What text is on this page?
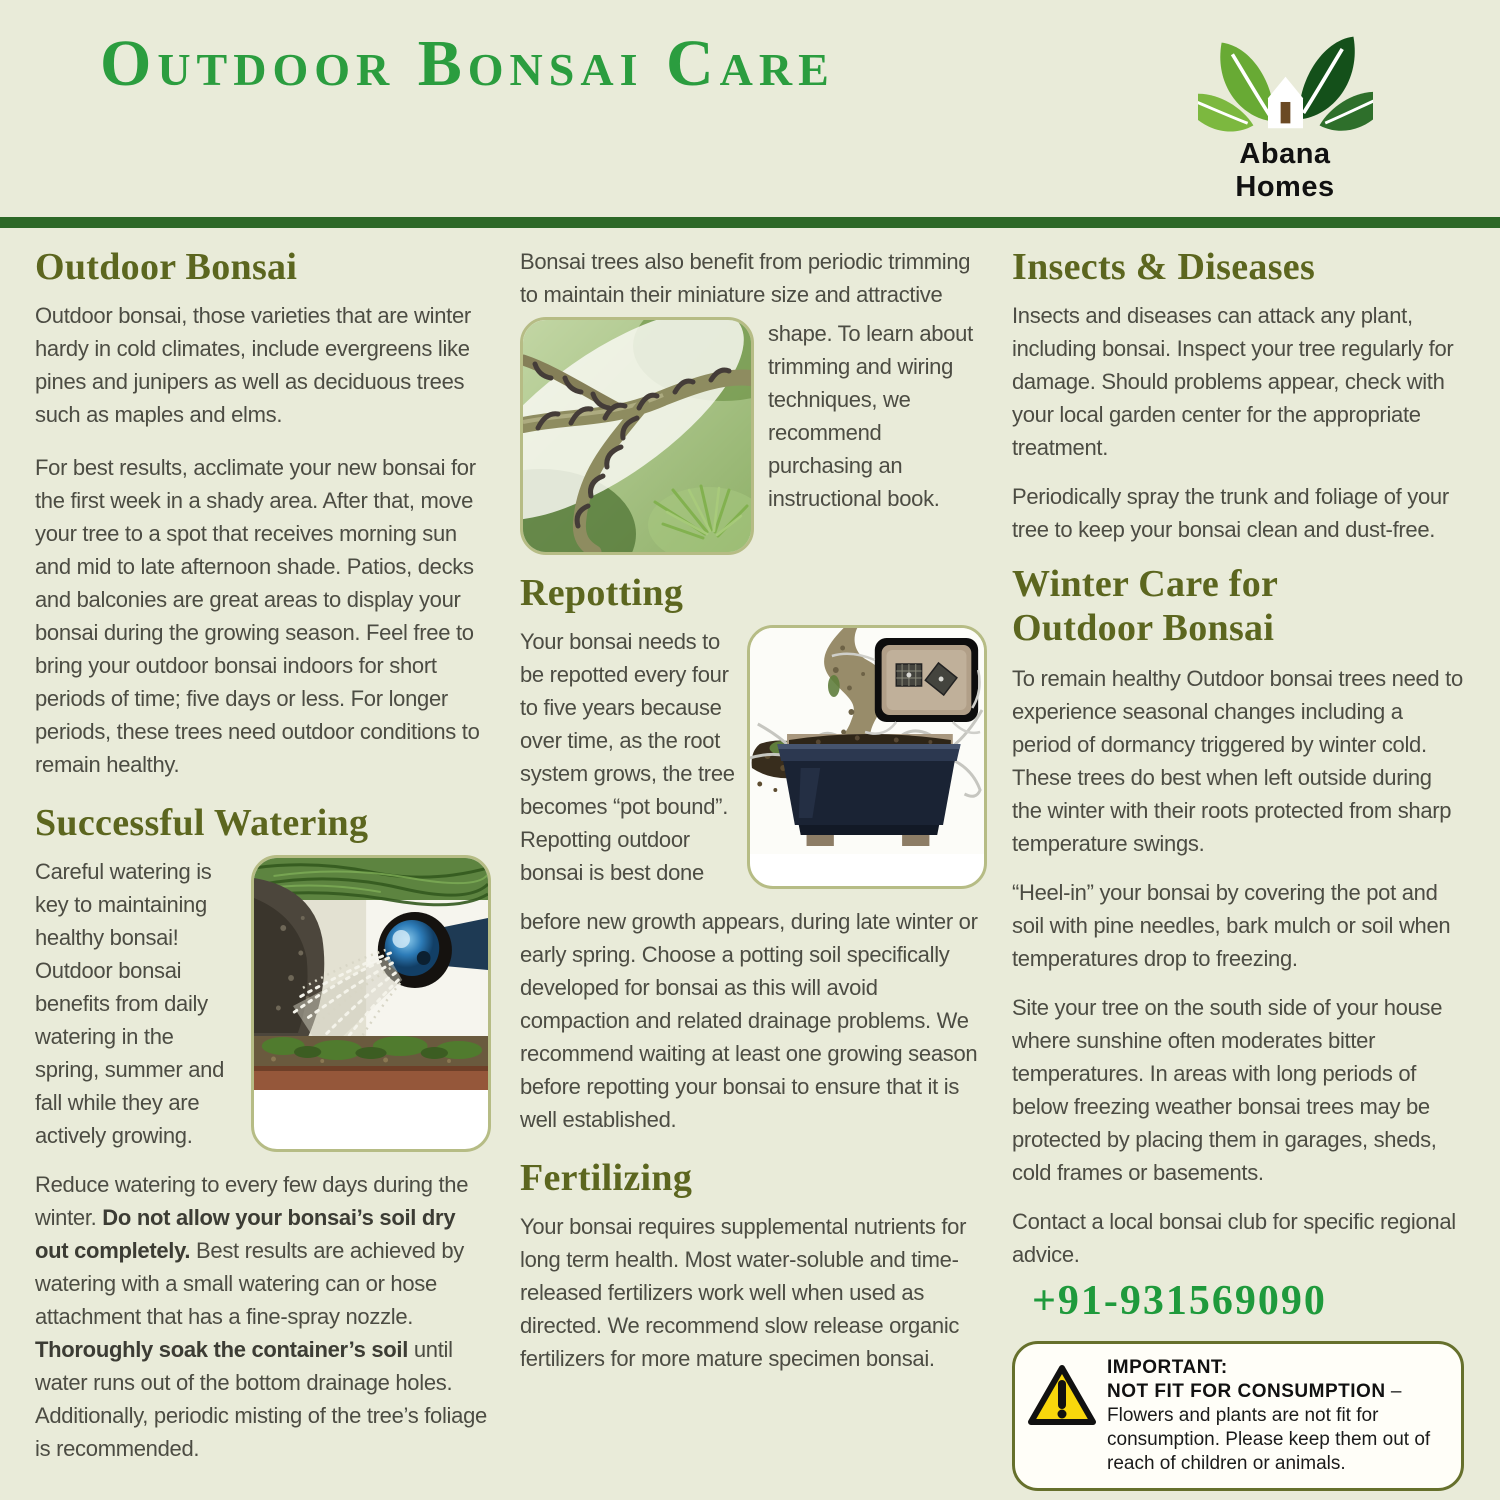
Outdoor Bonsai Care
Abana Homes
Outdoor Bonsai

Outdoor bonsai, those varieties that are winter hardy in cold climates, include evergreens like pines and junipers as well as deciduous trees such as maples and elms.

For best results, acclimate your new bonsai for the first week in a shady area. After that, move your tree to a spot that receives morning sun and mid to late afternoon shade. Patios, decks and balconies are great areas to display your bonsai during the growing season. Feel free to bring your outdoor bonsai indoors for short periods of time; five days or less. For longer periods, these trees need outdoor conditions to remain healthy.

Successful Watering
Careful watering is key to maintaining healthy bonsai! Outdoor bonsai benefits from daily watering in the spring, summer and fall while they are actively growing.

Reduce watering to every few days during the winter. Do not allow your bonsai’s soil dry out completely. Best results are achieved by watering with a small watering can or hose attachment that has a fine-spray nozzle. Thoroughly soak the container’s soil until water runs out of the bottom drainage holes. Additionally, periodic misting of the tree’s foliage is recommended.

Bonsai trees also benefit from periodic trimming to maintain their miniature size and attractive

shape. To learn about trimming and wiring techniques, we recommend purchasing an instructional book.
Repotting
Your bonsai needs to be repotted every four to five years because over time, as the root system grows, the tree becomes “pot bound”. Repotting outdoor bonsai is best done

before new growth appears, during late winter or early spring. Choose a potting soil specifically developed for bonsai as this will avoid compaction and related drainage problems. We recommend waiting at least one growing season before repotting your bonsai to ensure that it is well established.

Fertilizing

Your bonsai requires supplemental nutrients for long term health. Most water-soluble and time-released fertilizers work well when used as directed. We recommend slow release organic fertilizers for more mature specimen bonsai.

Insects & Diseases

Insects and diseases can attack any plant, including bonsai. Inspect your tree regularly for damage. Should problems appear, check with your local garden center for the appropriate treatment.

Periodically spray the trunk and foliage of your tree to keep your bonsai clean and dust-free.

Winter Care for
Outdoor Bonsai

To remain healthy Outdoor bonsai trees need to experience seasonal changes including a period of dormancy triggered by winter cold. These trees do best when left outside during the winter with their roots protected from sharp temperature swings.

“Heel-in” your bonsai by covering the pot and soil with pine needles, bark mulch or soil when temperatures drop to freezing.

Site your tree on the south side of your house where sunshine often moderates bitter temperatures. In areas with long periods of below freezing weather bonsai trees may be protected by placing them in garages, sheds, cold frames or basements.

Contact a local bonsai club for specific regional advice.

+91-931569090
IMPORTANT:
NOT FIT FOR CONSUMPTION – Flowers and plants are not fit for consumption. Please keep them out of reach of children or animals.
